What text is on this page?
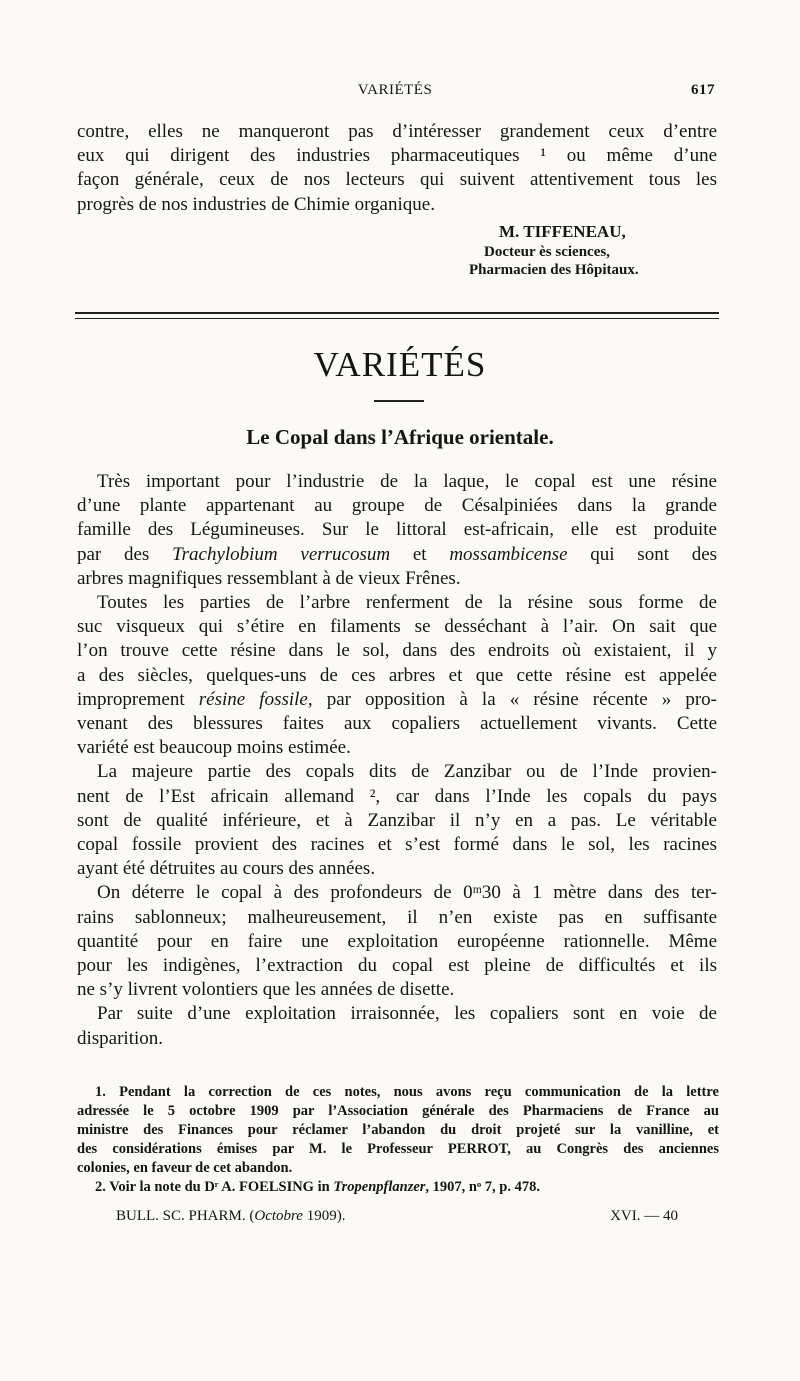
VARIÉTÉS	617
contre, elles ne manqueront pas d’intéresser grandement ceux d’entre
eux qui dirigent des industries pharmaceutiques ¹ ou même d’une
façon générale, ceux de nos lecteurs qui suivent attentivement tous les
progrès de nos industries de Chimie organique.
M. TIFFENEAU,
Docteur ès sciences,
Pharmacien des Hôpitaux.
VARIÉTÉS
Le Copal dans l’Afrique orientale.
Très important pour l’industrie de la laque, le copal est une résine
d’une plante appartenant au groupe de Césalpiniées dans la grande
famille des Légumineuses. Sur le littoral est-africain, elle est produite
par des Trachylobium verrucosum et mossambicense qui sont des
arbres magnifiques ressemblant à de vieux Frênes.
Toutes les parties de l’arbre renferment de la résine sous forme de
suc visqueux qui s’étire en filaments se desséchant à l’air. On sait que
l’on trouve cette résine dans le sol, dans des endroits où existaient, il y
a des siècles, quelques-uns de ces arbres et que cette résine est appelée
improprement résine fossile, par opposition à la « résine récente » pro-
venant des blessures faites aux copaliers actuellement vivants. Cette
variété est beaucoup moins estimée.
La majeure partie des copals dits de Zanzibar ou de l’Inde provien-
nent de l’Est africain allemand ², car dans l’Inde les copals du pays
sont de qualité inférieure, et à Zanzibar il n’y en a pas. Le véritable
copal fossile provient des racines et s’est formé dans le sol, les racines
ayant été détruites au cours des années.
On déterre le copal à des profondeurs de 0ᵐ30 à 1 mètre dans des ter-
rains sablonneux; malheureusement, il n’en existe pas en suffisante
quantité pour en faire une exploitation européenne rationnelle. Même
pour les indigènes, l’extraction du copal est pleine de difficultés et ils
ne s’y livrent volontiers que les années de disette.
Par suite d’une exploitation irraisonnée, les copaliers sont en voie de
disparition.
1. Pendant la correction de ces notes, nous avons reçu communication de la lettre
adressée le 5 octobre 1909 par l’Association générale des Pharmaciens de France au
ministre des Finances pour réclamer l’abandon du droit projeté sur la vanilline, et
des considérations émises par M. le Professeur PERROT, au Congrès des anciennes
colonies, en faveur de cet abandon.
2. Voir la note du Dʳ A. FOELSING in Tropenpflanzer, 1907, nᵒ 7, p. 478.
BULL. SC. PHARM. (Octobre 1909).	XVI. — 40
